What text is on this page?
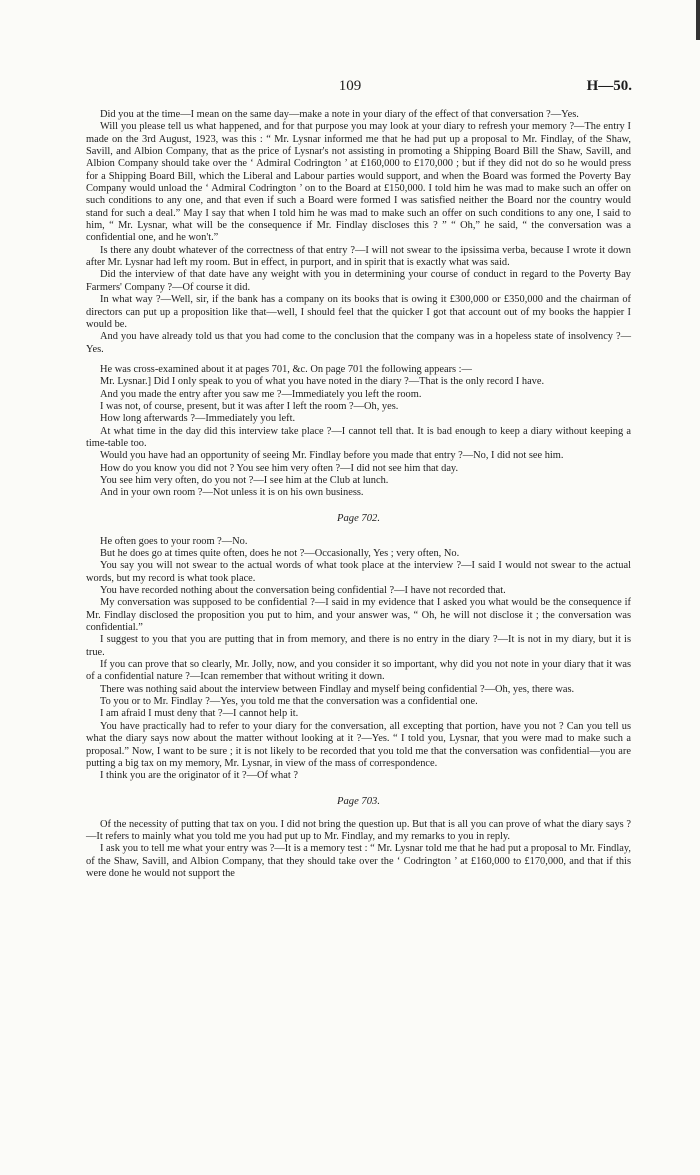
109	H—50.

Did you at the time—I mean on the same day—make a note in your diary of the effect of that conversation ?—Yes.

Will you please tell us what happened, and for that purpose you may look at your diary to refresh your memory ?—The entry I made on the 3rd August, 1923, was this : “ Mr. Lysnar informed me that he had put up a proposal to Mr. Findlay, of the Shaw, Savill, and Albion Company, that as the price of Lysnar's not assisting in promoting a Shipping Board Bill the Shaw, Savill, and Albion Company should take over the ‘ Admiral Codrington ’ at £160,000 to £170,000 ; but if they did not do so he would press for a Shipping Board Bill, which the Liberal and Labour parties would support, and when the Board was formed the Poverty Bay Company would unload the ‘ Admiral Codrington ’ on to the Board at £150,000. I told him he was mad to make such an offer on such conditions to any one, and that even if such a Board were formed I was satisfied neither the Board nor the country would stand for such a deal.” May I say that when I told him he was mad to make such an offer on such conditions to any one, I said to him, “ Mr. Lysnar, what will be the consequence if Mr. Findlay discloses this ? ” “ Oh,” he said, “ the conversation was a confidential one, and he won't.”

Is there any doubt whatever of the correctness of that entry ?—I will not swear to the ipsissima verba, because I wrote it down after Mr. Lysnar had left my room. But in effect, in purport, and in spirit that is exactly what was said.

Did the interview of that date have any weight with you in determining your course of conduct in regard to the Poverty Bay Farmers' Company ?—Of course it did.

In what way ?—Well, sir, if the bank has a company on its books that is owing it £300,000 or £350,000 and the chairman of directors can put up a proposition like that—well, I should feel that the quicker I got that account out of my books the happier I would be.

And you have already told us that you had come to the conclusion that the company was in a hopeless state of insolvency ?—Yes.

He was cross-examined about it at pages 701, &c. On page 701 the following appears :—

Mr. Lysnar.] Did I only speak to you of what you have noted in the diary ?—That is the only record I have.

And you made the entry after you saw me ?—Immediately you left the room.

I was not, of course, present, but it was after I left the room ?—Oh, yes.

How long afterwards ?—Immediately you left.

At what time in the day did this interview take place ?—I cannot tell that. It is bad enough to keep a diary without keeping a time-table too.

Would you have had an opportunity of seeing Mr. Findlay before you made that entry ?—No, I did not see him.

How do you know you did not ? You see him very often ?—I did not see him that day.

You see him very often, do you not ?—I see him at the Club at lunch.

And in your own room ?—Not unless it is on his own business.

Page 702.

He often goes to your room ?—No.

But he does go at times quite often, does he not ?—Occasionally, Yes ; very often, No.

You say you will not swear to the actual words of what took place at the interview ?—I said I would not swear to the actual words, but my record is what took place.

You have recorded nothing about the conversation being confidential ?—I have not recorded that.

My conversation was supposed to be confidential ?—I said in my evidence that I asked you what would be the consequence if Mr. Findlay disclosed the proposition you put to him, and your answer was, “ Oh, he will not disclose it ; the conversation was confidential.”

I suggest to you that you are putting that in from memory, and there is no entry in the diary ?—It is not in my diary, but it is true.

If you can prove that so clearly, Mr. Jolly, now, and you consider it so important, why did you not note in your diary that it was of a confidential nature ?—Ican remember that without writing it down.

There was nothing said about the interview between Findlay and myself being confidential ?—Oh, yes, there was.

To you or to Mr. Findlay ?—Yes, you told me that the conversation was a confidential one.

I am afraid I must deny that ?—I cannot help it.

You have practically had to refer to your diary for the conversation, all excepting that portion, have you not ? Can you tell us what the diary says now about the matter without looking at it ?—Yes. “ I told you, Lysnar, that you were mad to make such a proposal.” Now, I want to be sure ; it is not likely to be recorded that you told me that the conversation was confidential—you are putting a big tax on my memory, Mr. Lysnar, in view of the mass of correspondence.

I think you are the originator of it ?—Of what ?

Page 703.

Of the necessity of putting that tax on you. I did not bring the question up. But that is all you can prove of what the diary says ?—It refers to mainly what you told me you had put up to Mr. Findlay, and my remarks to you in reply.

I ask you to tell me what your entry was ?—It is a memory test : “ Mr. Lysnar told me that he had put a proposal to Mr. Findlay, of the Shaw, Savill, and Albion Company, that they should take over the ‘ Codrington ’ at £160,000 to £170,000, and that if this were done he would not support the
